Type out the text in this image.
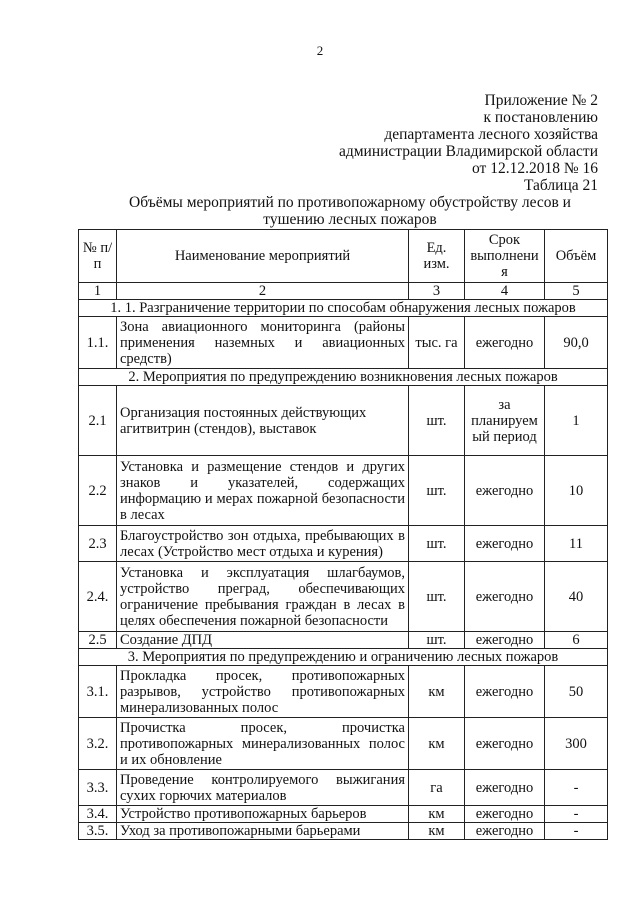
2
Приложение № 2
к постановлению
департамента лесного хозяйства
администрации Владимирской области
от 12.12.2018 № 16
Таблица 21
Объёмы мероприятий по противопожарному обустройству лесов и
тушению лесных пожаров
№ п/п	Наименование мероприятий	Ед. изм.	Срок выполнени я	Объём
1	2	3	4	5
1. 1. Разграничение территории по способам обнаружения лесных пожаров				
1.1.	Зона авиационного мониторинга (районы применения наземных и авиационных средств)	тыс. га	ежегодно	90,0
2. Мероприятия по предупреждению возникновения лесных пожаров				
2.1	Организация постоянных действующих агитвитрин (стендов), выставок	шт.	за планируем ый период	1
2.2	Установка и размещение стендов и других знаков и указателей, содержащих информацию и мерах пожарной безопасности в лесах	шт.	ежегодно	10
2.3	Благоустройство зон отдыха, пребывающих в лесах (Устройство мест отдыха и курения)	шт.	ежегодно	11
2.4.	Установка и эксплуатация шлагбаумов, устройство преград, обеспечивающих ограничение пребывания граждан в лесах в целях обеспечения пожарной безопасности	шт.	ежегодно	40
2.5	Создание ДПД	шт.	ежегодно	6
3. Мероприятия по предупреждению и ограничению лесных пожаров				
3.1.	Прокладка просек, противопожарных разрывов, устройство противопожарных минерализованных полос	км	ежегодно	50
3.2.	Прочистка просек, прочистка противопожарных минерализованных полос и их обновление	км	ежегодно	300
3.3.	Проведение контролируемого выжигания сухих горючих материалов	га	ежегодно	-
3.4.	Устройство противопожарных барьеров	км	ежегодно	-
3.5.	Уход за противопожарными барьерами	км	ежегодно	-
